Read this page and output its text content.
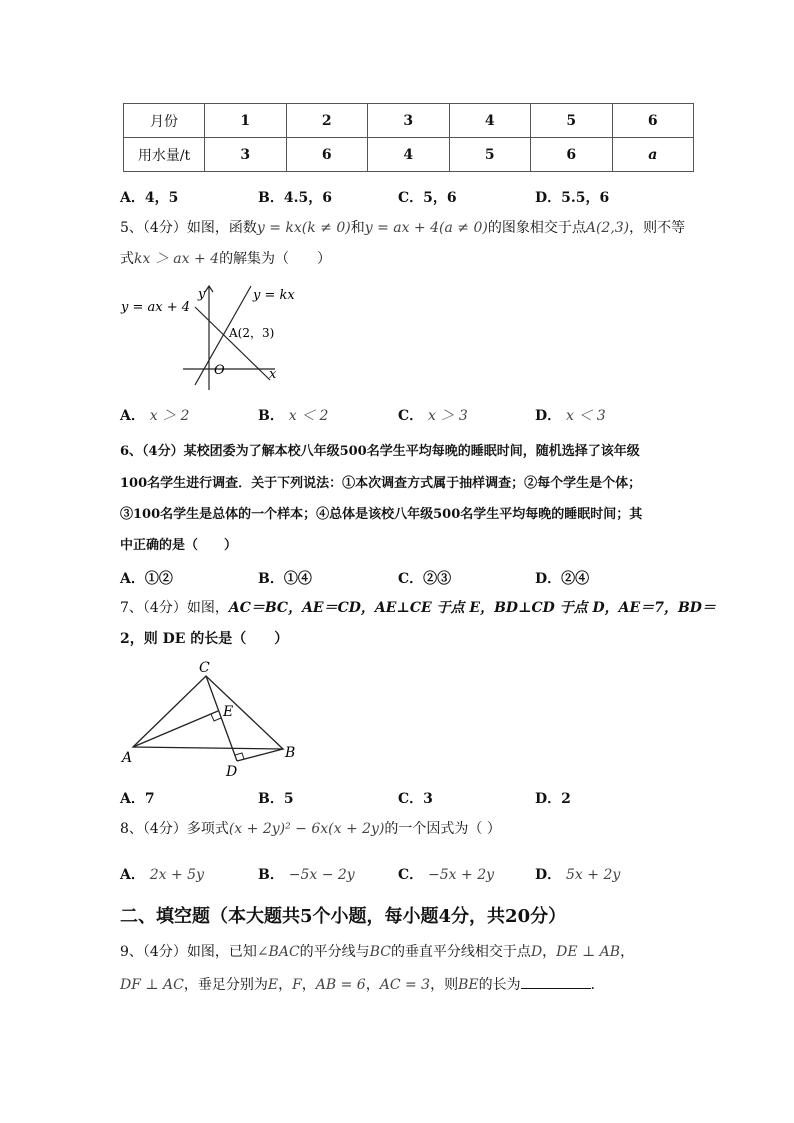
月份	1	2	3	4	5	6
用水量/t	3	6	4	5	6	a
A．4，5	B．4.5，6	C．5，6	D．5.5，6
5、（4分）如图，函数y = kx(k ≠ 0)和y = ax + 4(a ≠ 0)的图象相交于点A(2,3)，则不等
式kx ＞ ax + 4的解集为（　　）
y = ax + 4
y = kx
y
x
O
A(2，3)
A． x ＞ 2	B． x ＜ 2	C． x ＞ 3	D． x ＜ 3
6、（4分）某校团委为了解本校八年级500名学生平均每晚的睡眠时间，随机选择了该年级
100名学生进行调查．关于下列说法：①本次调查方式属于抽样调查；②每个学生是个体；
③100名学生是总体的一个样本；④总体是该校八年级500名学生平均每晚的睡眠时间；其
中正确的是（　　）
A．①②	B．①④	C．②③	D．②④
7、（4分）如图，AC＝BC，AE＝CD，AE⊥CE 于点 E，BD⊥CD 于点 D，AE＝7，BD＝
2，则 DE 的长是（　　）
C
E
A	B
D
A．7	B．5	C．3	D．2
8、（4分）多项式(x + 2y)² − 6x(x + 2y)的一个因式为（ ）
A． 2x + 5y	B． −5x − 2y	C． −5x + 2y	D． 5x + 2y
二、填空题（本大题共5个小题，每小题4分，共20分）
9、（4分）如图，已知∠BAC的平分线与BC的垂直平分线相交于点D，DE ⊥ AB，
DF ⊥ AC，垂足分别为E，F，AB = 6，AC = 3，则BE的长为	．
